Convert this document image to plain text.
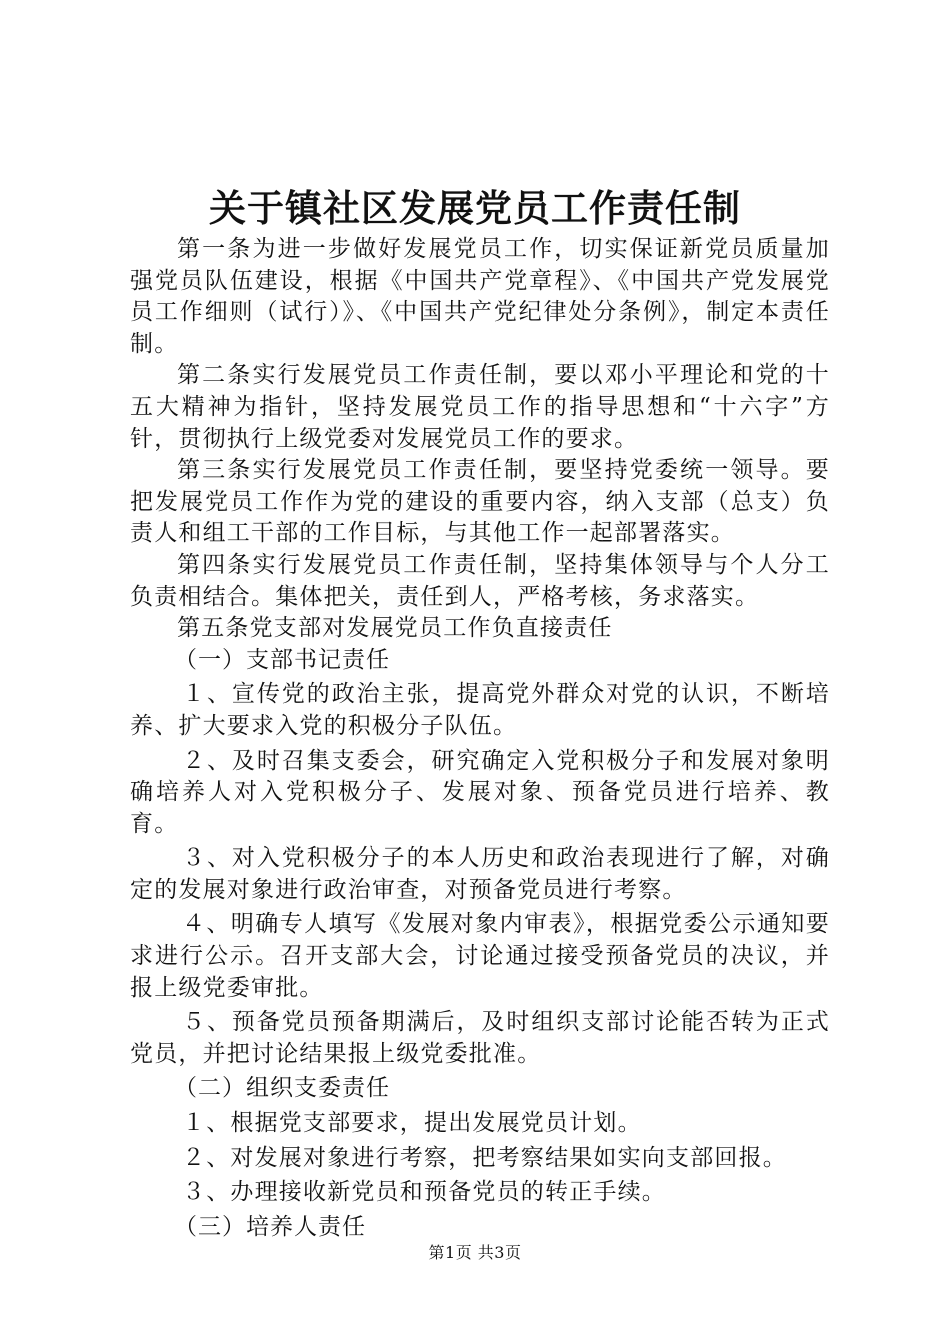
关于镇社区发展党员工作责任制

第一条为进一步做好发展党员工作，切实保证新党员质量加强党员队伍建设，根据《中国共产党章程》、《中国共产党发展党员工作细则（试行）》、《中国共产党纪律处分条例》，制定本责任制。

第二条实行发展党员工作责任制，要以邓小平理论和党的十五大精神为指针，坚持发展党员工作的指导思想和“十六字”方针，贯彻执行上级党委对发展党员工作的要求。

第三条实行发展党员工作责任制，要坚持党委统一领导。要把发展党员工作作为党的建设的重要内容，纳入支部（总支）负责人和组工干部的工作目标，与其他工作一起部署落实。

第四条实行发展党员工作责任制，坚持集体领导与个人分工负责相结合。集体把关，责任到人，严格考核，务求落实。

第五条党支部对发展党员工作负直接责任

（一）支部书记责任

１、宣传党的政治主张，提高党外群众对党的认识，不断培养、扩大要求入党的积极分子队伍。

２、及时召集支委会，研究确定入党积极分子和发展对象明确培养人对入党积极分子、发展对象、预备党员进行培养、教育。

３、对入党积极分子的本人历史和政治表现进行了解，对确定的发展对象进行政治审查，对预备党员进行考察。

４、明确专人填写《发展对象内审表》，根据党委公示通知要求进行公示。召开支部大会，讨论通过接受预备党员的决议，并报上级党委审批。

５、预备党员预备期满后，及时组织支部讨论能否转为正式党员，并把讨论结果报上级党委批准。

（二）组织支委责任

１、根据党支部要求，提出发展党员计划。

２、对发展对象进行考察，把考察结果如实向支部回报。

３、办理接收新党员和预备党员的转正手续。

（三）培养人责任

第1页 共3页
